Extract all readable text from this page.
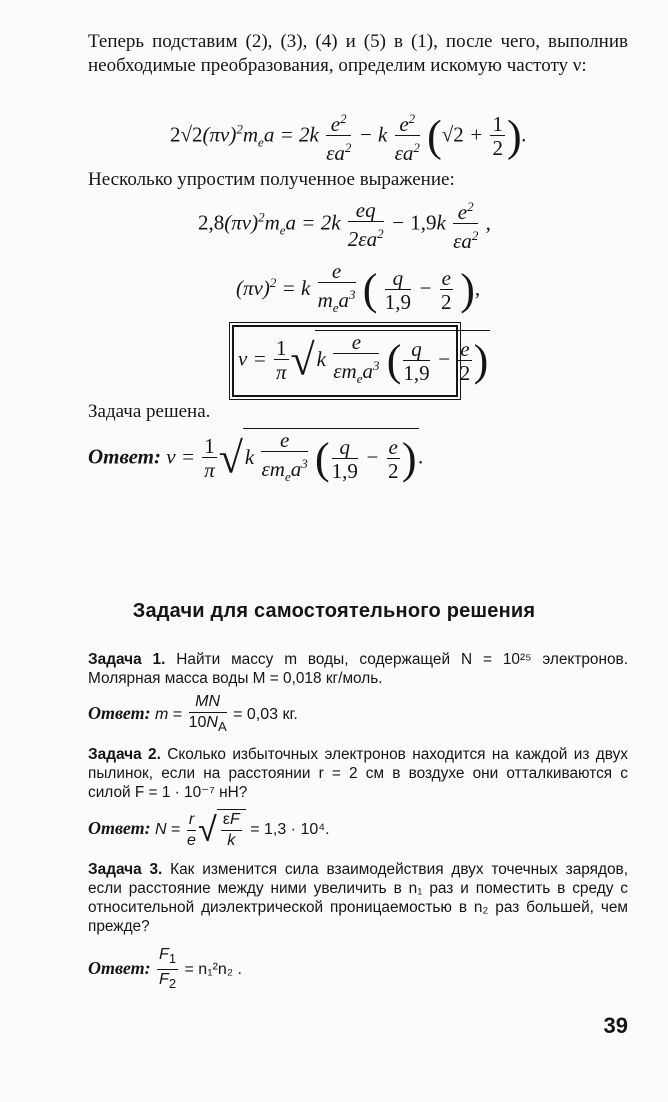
Теперь подставим (2), (3), (4) и (5) в (1), после чего, выполнив необходимые преобразования, определим искомую частоту ν:
$2√2(\pi\nu)^2m_ea = 2k \frac{e^2}{\varepsilon a^2} - k \frac{e^2}{\varepsilon a^2} (√2 + \frac{1}{2}$ ).
Несколько упростим полученное выражение:
$2,8(\pi\nu)^2m_ea = 2k \frac{eq}{2\varepsilon a^2} - 1,9k \frac{e^2}{\varepsilon a^2}$ ,
$(\pi\nu)^2 = k$
e
$m_ea^3$ ( $\frac{q}{1,9} - \frac{e}{2}$ ),
$\nu = \frac{1}{\pi} √k$
e
$\varepsilon m_ea^3$ ( $\frac{q}{1,9} - \frac{e}{2}$ )
Задача решена.
Ответ: $\nu = \frac{1}{\pi} √k$
e
$\varepsilon m_ea^3$ ( $\frac{q}{1,9} - \frac{e}{2}$ ).
Задачи для самостоятельного решения
Задача 1. Найти массу m воды, содержащей N = 10²⁵ электронов. Молярная масса воды M = 0,018 кг/моль.
Ответ: $m = \frac{MN}{10N_A} = 0,03$ кг.
Задача 2. Сколько избыточных электронов находится на каждой из двух пылинок, если на расстоянии r = 2 см в воздухе они отталкиваются с силой F = 1 · 10⁻⁷ нН?
Ответ: $N = \frac{r}{e}$ √ $\frac{\varepsilon F}{k} = 1,3 \cdot 10^4$.
Задача 3. Как изменится сила взаимодействия двух точечных зарядов, если расстояние между ними увеличить в n₁ раз и поместить в среду с относительной диэлектрической проницаемостью в n₂ раз большей, чем прежде?
Ответ: $\frac{F_1}{F_2} = n_1^2n_2$ .
39
